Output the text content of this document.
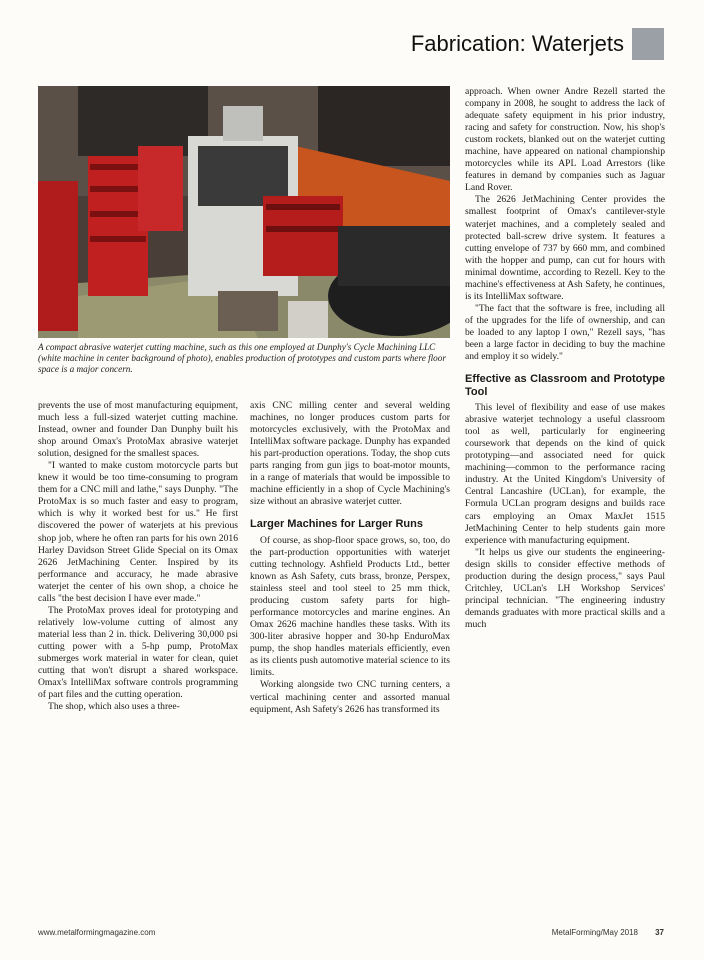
Fabrication: Waterjets
A compact abrasive waterjet cutting machine, such as this one employed at Dunphy's Cycle Machining LLC (white machine in center background of photo), enables production of prototypes and custom parts where floor space is a major concern.

prevents the use of most manufacturing equipment, much less a full-sized waterjet cutting machine. Instead, owner and founder Dan Dunphy built his shop around Omax's ProtoMax abrasive waterjet solution, designed for the smallest spaces.

"I wanted to make custom motorcycle parts but knew it would be too time-consuming to program them for a CNC mill and lathe," says Dunphy. "The ProtoMax is so much faster and easy to program, which is why it worked best for us." He first discovered the power of waterjets at his previous shop job, where he often ran parts for his own 2016 Harley Davidson Street Glide Special on its Omax 2626 JetMachining Center. Inspired by its performance and accuracy, he made abrasive waterjet the center of his own shop, a choice he calls "the best decision I have ever made."

The ProtoMax proves ideal for prototyping and relatively low-volume cutting of almost any material less than 2 in. thick. Delivering 30,000 psi cutting power with a 5-hp pump, ProtoMax submerges work material in water for clean, quiet cutting that won't disrupt a shared workspace. Omax's IntelliMax software controls programming of part files and the cutting operation.

The shop, which also uses a three-

axis CNC milling center and several welding machines, no longer produces custom parts for motorcycles exclusively, with the ProtoMax and IntelliMax software package. Dunphy has expanded his part-production operations. Today, the shop cuts parts ranging from gun jigs to boat-motor mounts, in a range of materials that would be impossible to machine efficiently in a shop of Cycle Machining's size without an abrasive waterjet cutter.

Larger Machines for Larger Runs

Of course, as shop-floor space grows, so, too, do the part-production opportunities with waterjet cutting technology. Ashfield Products Ltd., better known as Ash Safety, cuts brass, bronze, Perspex, stainless steel and tool steel to 25 mm thick, producing custom safety parts for high-performance motorcycles and marine engines. An Omax 2626 machine handles these tasks. With its 300-liter abrasive hopper and 30-hp EnduroMax pump, the shop handles materials efficiently, even as its clients push automotive material science to its limits.

Working alongside two CNC turning centers, a vertical machining center and assorted manual equipment, Ash Safety's 2626 has transformed its

approach. When owner Andre Rezell started the company in 2008, he sought to address the lack of adequate safety equipment in his prior industry, racing and safety for construction. Now, his shop's custom rockets, blanked out on the waterjet cutting machine, have appeared on national championship motorcycles while its APL Load Arrestors (like features in demand by companies such as Jaguar Land Rover.

The 2626 JetMachining Center provides the smallest footprint of Omax's cantilever-style waterjet machines, and a completely sealed and protected ball-screw drive system. It features a cutting envelope of 737 by 660 mm, and combined with the hopper and pump, can cut for hours with minimal downtime, according to Rezell. Key to the machine's effectiveness at Ash Safety, he continues, is its IntelliMax software.

"The fact that the software is free, including all of the upgrades for the life of ownership, and can be loaded to any laptop I own," Rezell says, "has been a large factor in deciding to buy the machine and employ it so widely."

Effective as Classroom and Prototype Tool

This level of flexibility and ease of use makes abrasive waterjet technology a useful classroom tool as well, particularly for engineering coursework that depends on the kind of quick prototyping—and associated need for quick machining—common to the performance racing industry. At the United Kingdom's University of Central Lancashire (UCLan), for example, the Formula UCLan program designs and builds race cars employing an Omax MaxJet 1515 JetMachining Center to help students gain more experience with manufacturing equipment.

"It helps us give our students the engineering-design skills to consider effective methods of production during the design process," says Paul Critchley, UCLan's LH Workshop Services' principal technician. "The engineering industry demands graduates with more practical skills and a much

www.metalformingmagazine.com	MetalForming/May 2018 37
